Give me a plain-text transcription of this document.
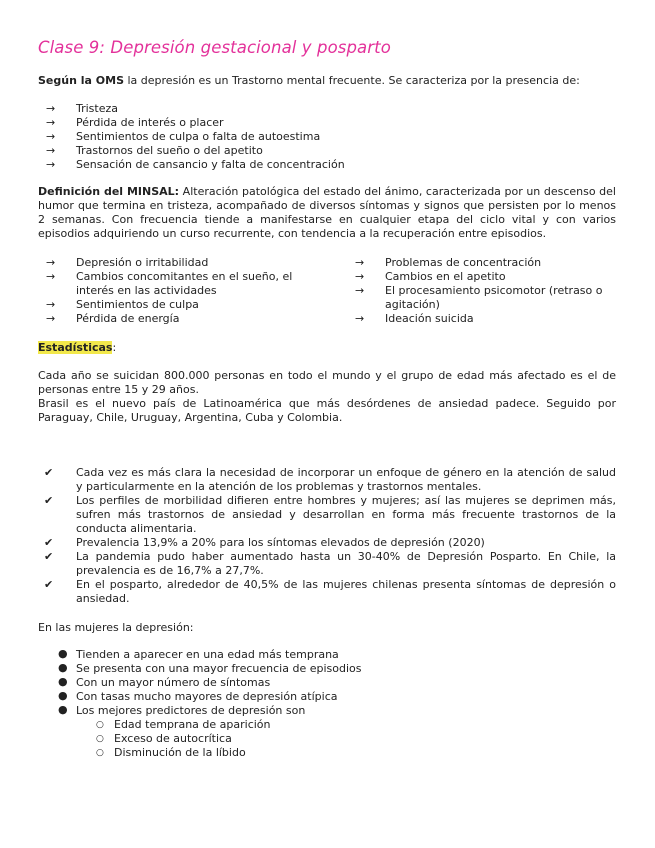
Clase 9: Depresión gestacional y posparto

Según la OMS la depresión es un Trastorno mental frecuente. Se caracteriza por la presencia de:

→ Tristeza
→ Pérdida de interés o placer
→ Sentimientos de culpa o falta de autoestima
→ Trastornos del sueño o del apetito
→ Sensación de cansancio y falta de concentración

Definición del MINSAL: Alteración patológica del estado del ánimo, caracterizada por un descenso del humor que termina en tristeza, acompañado de diversos síntomas y signos que persisten por lo menos 2 semanas. Con frecuencia tiende a manifestarse en cualquier etapa del ciclo vital y con varios episodios adquiriendo un curso recurrente, con tendencia a la recuperación entre episodios.

→ Depresión o irritabilidad
→ Cambios concomitantes en el sueño, el interés en las actividades
→ Sentimientos de culpa
→ Pérdida de energía
→ Problemas de concentración
→ Cambios en el apetito
→ El procesamiento psicomotor (retraso o agitación)
→ Ideación suicida

Estadísticas:

Cada año se suicidan 800.000 personas en todo el mundo y el grupo de edad más afectado es el de personas entre 15 y 29 años.

Brasil es el nuevo país de Latinoamérica que más desórdenes de ansiedad padece. Seguido por Paraguay, Chile, Uruguay, Argentina, Cuba y Colombia.

✔ Cada vez es más clara la necesidad de incorporar un enfoque de género en la atención de salud y particularmente en la atención de los problemas y trastornos mentales.
✔ Los perfiles de morbilidad difieren entre hombres y mujeres; así las mujeres se deprimen más, sufren más trastornos de ansiedad y desarrollan en forma más frecuente trastornos de la conducta alimentaria.
✔ Prevalencia 13,9% a 20% para los síntomas elevados de depresión (2020)
✔ La pandemia pudo haber aumentado hasta un 30-40% de Depresión Posparto. En Chile, la prevalencia es de 16,7% a 27,7%.
✔ En el posparto, alrededor de 40,5% de las mujeres chilenas presenta síntomas de depresión o ansiedad.

En las mujeres la depresión:

● Tienden a aparecer en una edad más temprana
● Se presenta con una mayor frecuencia de episodios
● Con un mayor número de síntomas
● Con tasas mucho mayores de depresión atípica
● Los mejores predictores de depresión son
○ Edad temprana de aparición
○ Exceso de autocrítica
○ Disminución de la líbido
